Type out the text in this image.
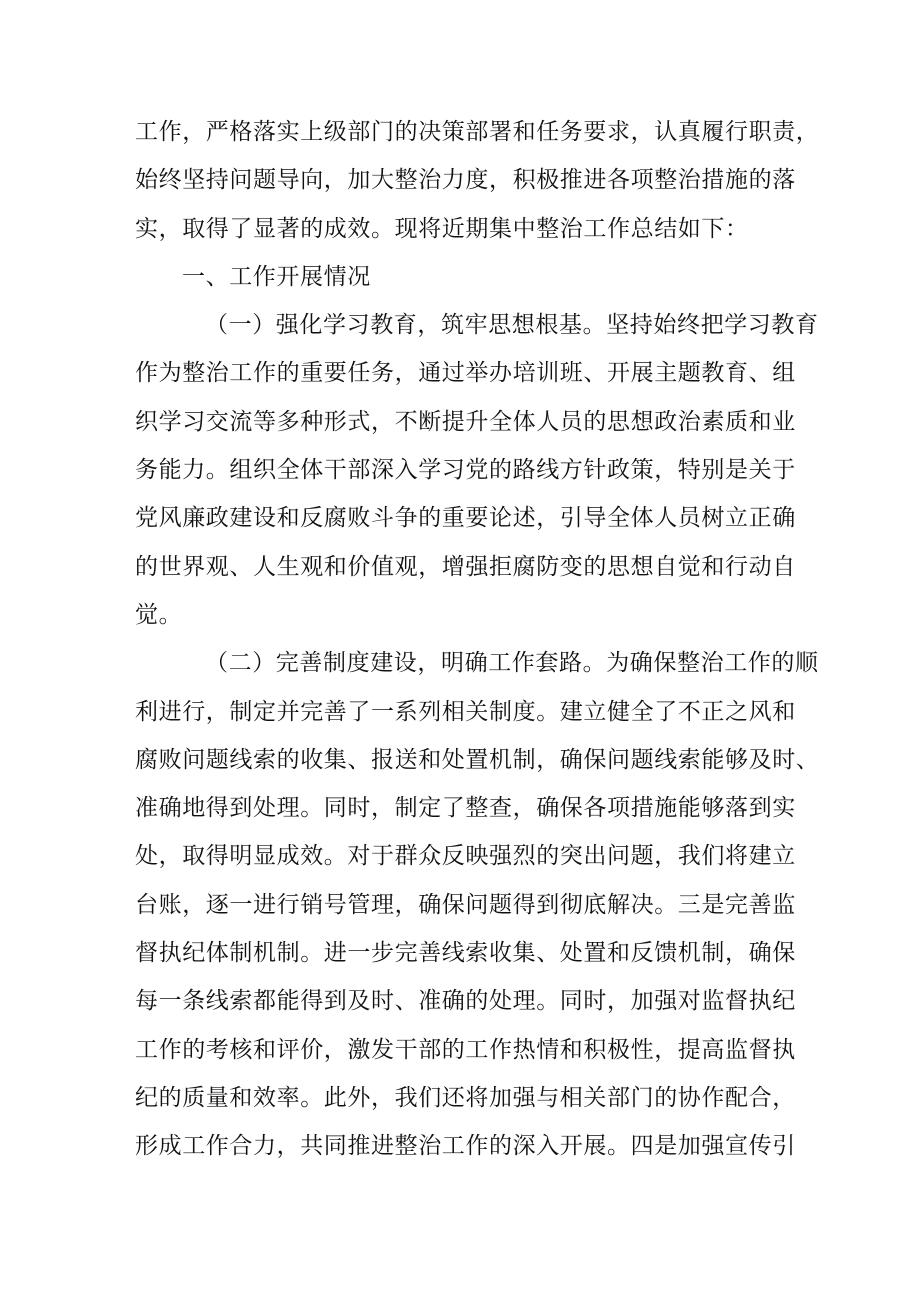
工作，严格落实上级部门的决策部署和任务要求，认真履行职责，
始终坚持问题导向，加大整治力度，积极推进各项整治措施的落
实，取得了显著的成效。现将近期集中整治工作总结如下：
一、工作开展情况
（一）强化学习教育，筑牢思想根基。坚持始终把学习教育
作为整治工作的重要任务，通过举办培训班、开展主题教育、组
织学习交流等多种形式，不断提升全体人员的思想政治素质和业
务能力。组织全体干部深入学习党的路线方针政策，特别是关于
党风廉政建设和反腐败斗争的重要论述，引导全体人员树立正确
的世界观、人生观和价值观，增强拒腐防变的思想自觉和行动自
觉。
（二）完善制度建设，明确工作套路。为确保整治工作的顺
利进行，制定并完善了一系列相关制度。建立健全了不正之风和
腐败问题线索的收集、报送和处置机制，确保问题线索能够及时、
准确地得到处理。同时，制定了整查，确保各项措施能够落到实
处，取得明显成效。对于群众反映强烈的突出问题，我们将建立
台账，逐一进行销号管理，确保问题得到彻底解决。三是完善监
督执纪体制机制。进一步完善线索收集、处置和反馈机制，确保
每一条线索都能得到及时、准确的处理。同时，加强对监督执纪
工作的考核和评价，激发干部的工作热情和积极性，提高监督执
纪的质量和效率。此外，我们还将加强与相关部门的协作配合，
形成工作合力，共同推进整治工作的深入开展。四是加强宣传引
